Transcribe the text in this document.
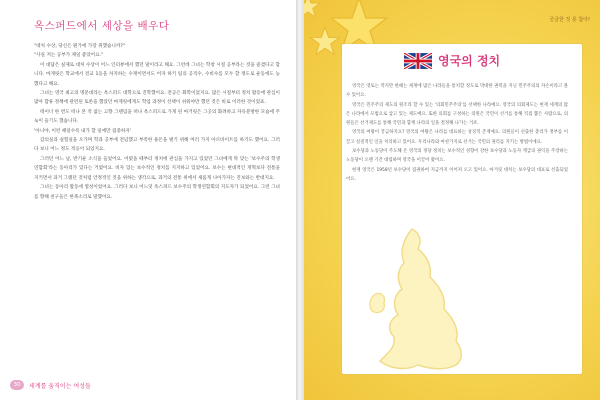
옥스퍼드에서 세상을 배우다

"대처 수상, 당신은 뭔가에 가장 취했습니까?"

"사실 저는 공부가 제일 좋았어요."

이 대답은 실제로 대처 수상이 어느 인터뷰에서 했던 말이라고 해요. 그런데 그녀는 학창 시절 공부라는 것을 즐겼다고 합니다. 마게릿은 학교에서 전교 1등을 차지하는 수재이면서도 어자 하키 팀의 공격수, 수비수를 모두 할 정도로 운동에도 능했다고 해요.

그녀는 영국 최고의 명문대라는 옥스퍼드 대학으로 진학했어요. 전공은 화학이었지요. 많은 시절부터 정치 활동에 관심이 많아 합류 정책에 관련된 토론을 했었던 마게릿에게도 학업 과정이 선택이 쉬워야만 했던 것은 바로 이러한 것이었죠.

테이너 한 번도 떠나 본 적 없는 고향 그랜덤을 떠나 옥스퍼드로 가게 된 마거릿은 그곳의 화려하고 자유분방한 모습에 주눅이 들기도 했습니다.

'아니야, 이런 때일수록 내가 할 일에만 집중하자'

감의실과 실험실을 오가며 학과 공부에 전념했고 부족한 용돈을 벌기 위해 여러 가지 아르바이트를 하기도 했어요. 그러다 보니 어느 정도 적응이 되었지요.

그러던 어느 날, 반기운 소식을 들었어요. 어렸을 때부터 정치에 관심을 가지고 있었던 그녀에게 딱 맞는 '보수주의 학생연합회'라는 동아리가 있다는 거였어요. 비자 있는 보수적인 정치를 지지하고 있었어요. 보수는 현대적인 개혁보다 전통을 지키면서 과거 그랬던 것처럼 안정적인 것을 위하는 생각으로, 과거의 전통 위에서 새롭게 나아가자는 진보와는 반대지요.

그녀는 동아리 활동에 열성이었어요. 그러다 보니 어느덧 옥스퍼드 보수주의 학생연합회의 지도자가 되었어요. 그런 그녀를 향해 친구들은 한목소리로 말했어요.

30	세계를 움직이는 여성들
궁금한 것 못 참아!
영국의 정치

영국은 영토는 작지만 한때는 세계에 많은 나라들을 통치할 정도로 막대한 권력을 지닌 민주주의의 자손이라고 볼 수 있어요.

영국은 민주주의 제도의 원조라 할 수 있는 '의회민주주의'를 선택한 나라예요. 영국의 의회제도는 현재 세계의 많은 나라에서 모범으로 삼고 있는 제도예요. 또한 의회를 구성하는 의원은 국민이 선거를 통해 직접 뽑은 사람으로, 의원들은 선거제도를 통해 국민과 함께 나라의 일을 결정해 나가는 거죠.

영국의 여왕이 궁금하지요? 영국의 여왕은 나라를 대표하는 상징적 존재예요. 의원들이 선출한 총리가 정부를 이끌고 실질적인 일을 처리하고 있어요. 우리나라와 마찬가지로 선거는 국민의 권리를 지키는 방법이에요.

보수당과 노동당이 주도해 온 영국의 정당 정치는 보수적인 성향이 강한 보수당과 노동자 계급의 권익을 주장하는 노동당이 오랜 기간 대립하며 영국을 이끌어 왔어요.

현재 영국은 1958년 보수당이 집권하여 지금까지 이어져 오고 있어요. 마거릿 대처는 보수당의 대표로 선출되었어요.
